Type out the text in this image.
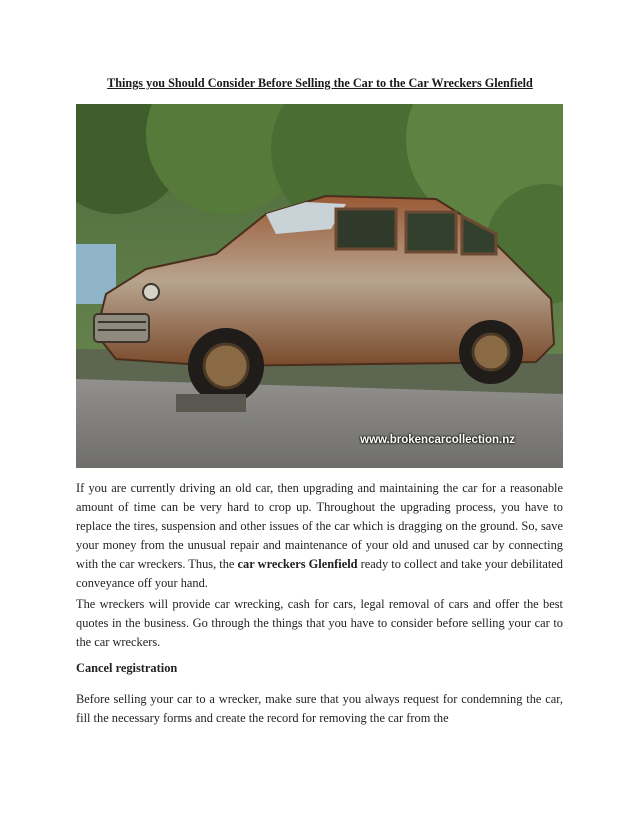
Things you Should Consider Before Selling the Car to the Car Wreckers Glenfield
www.brokencarcollection.nz

If you are currently driving an old car, then upgrading and maintaining the car for a reasonable amount of time can be very hard to crop up. Throughout the upgrading process, you have to replace the tires, suspension and other issues of the car which is dragging on the ground. So, save your money from the unusual repair and maintenance of your old and unused car by connecting with the car wreckers. Thus, the car wreckers Glenfield ready to collect and take your debilitated conveyance off your hand.

The wreckers will provide car wrecking, cash for cars, legal removal of cars and offer the best quotes in the business. Go through the things that you have to consider before selling your car to the car wreckers.

Cancel registration

Before selling your car to a wrecker, make sure that you always request for condemning the car, fill the necessary forms and create the record for removing the car from the
